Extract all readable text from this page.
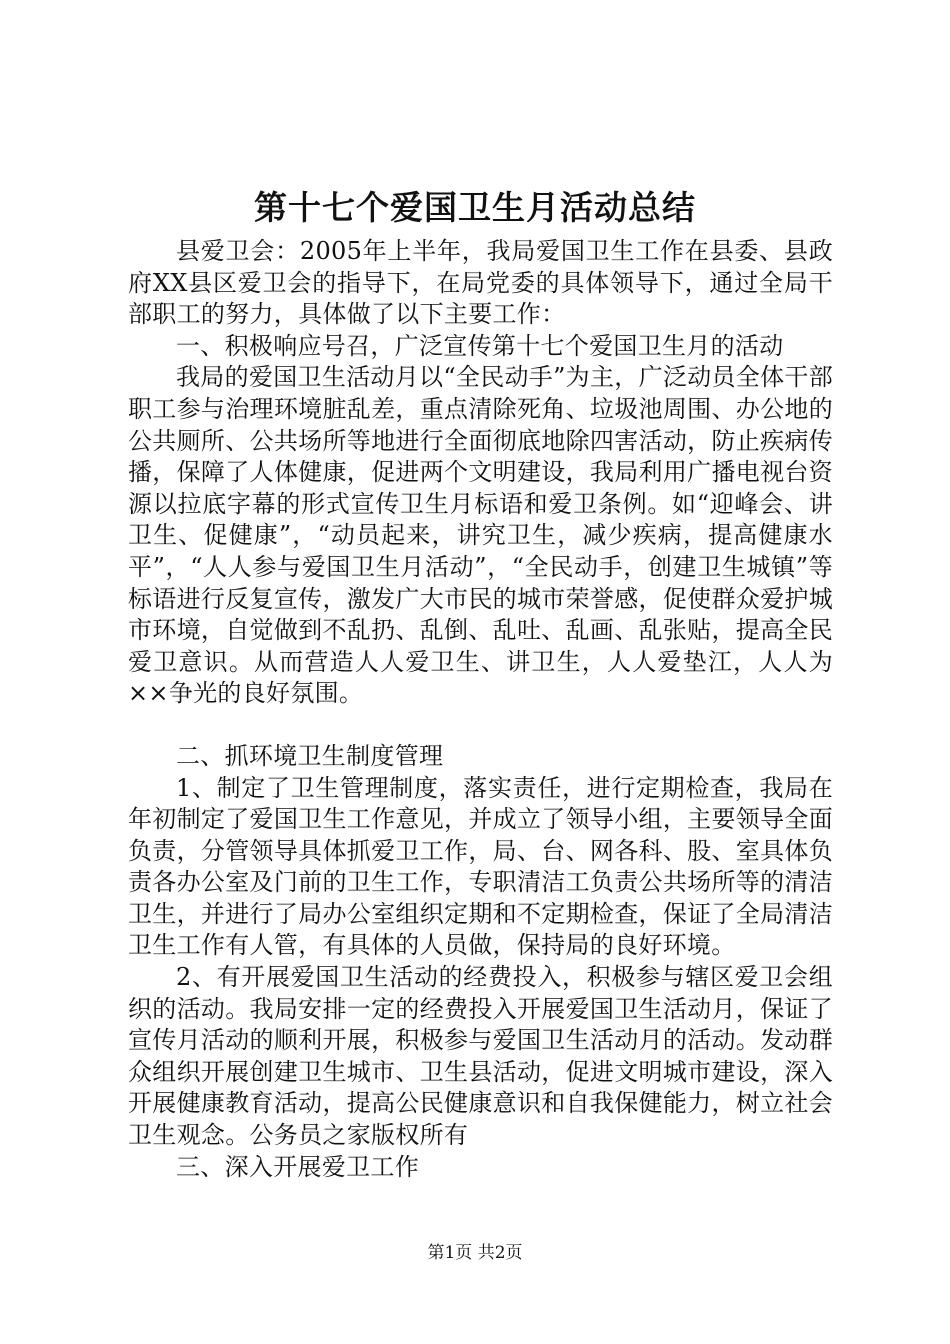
第十七个爱国卫生月活动总结

县爱卫会：2005年上半年，我局爱国卫生工作在县委、县政府XX县区爱卫会的指导下，在局党委的具体领导下，通过全局干部职工的努力，具体做了以下主要工作：

一、积极响应号召，广泛宣传第十七个爱国卫生月的活动

我局的爱国卫生活动月以“全民动手”为主，广泛动员全体干部职工参与治理环境脏乱差，重点清除死角、垃圾池周围、办公地的公共厕所、公共场所等地进行全面彻底地除四害活动，防止疾病传播，保障了人体健康，促进两个文明建设，我局利用广播电视台资源以拉底字幕的形式宣传卫生月标语和爱卫条例。如“迎峰会、讲卫生、促健康”，“动员起来，讲究卫生，减少疾病，提高健康水平”，“人人参与爱国卫生月活动”，“全民动手，创建卫生城镇”等标语进行反复宣传，激发广大市民的城市荣誉感，促使群众爱护城市环境，自觉做到不乱扔、乱倒、乱吐、乱画、乱张贴，提高全民爱卫意识。从而营造人人爱卫生、讲卫生，人人爱垫江，人人为××争光的良好氛围。

二、抓环境卫生制度管理

1、制定了卫生管理制度，落实责任，进行定期检查，我局在年初制定了爱国卫生工作意见，并成立了领导小组，主要领导全面负责，分管领导具体抓爱卫工作，局、台、网各科、股、室具体负责各办公室及门前的卫生工作，专职清洁工负责公共场所等的清洁卫生，并进行了局办公室组织定期和不定期检查，保证了全局清洁卫生工作有人管，有具体的人员做，保持局的良好环境。

2、有开展爱国卫生活动的经费投入，积极参与辖区爱卫会组织的活动。我局安排一定的经费投入开展爱国卫生活动月，保证了宣传月活动的顺利开展，积极参与爱国卫生活动月的活动。发动群众组织开展创建卫生城市、卫生县活动，促进文明城市建设，深入开展健康教育活动，提高公民健康意识和自我保健能力，树立社会卫生观念。公务员之家版权所有

三、深入开展爱卫工作

第1页 共2页
